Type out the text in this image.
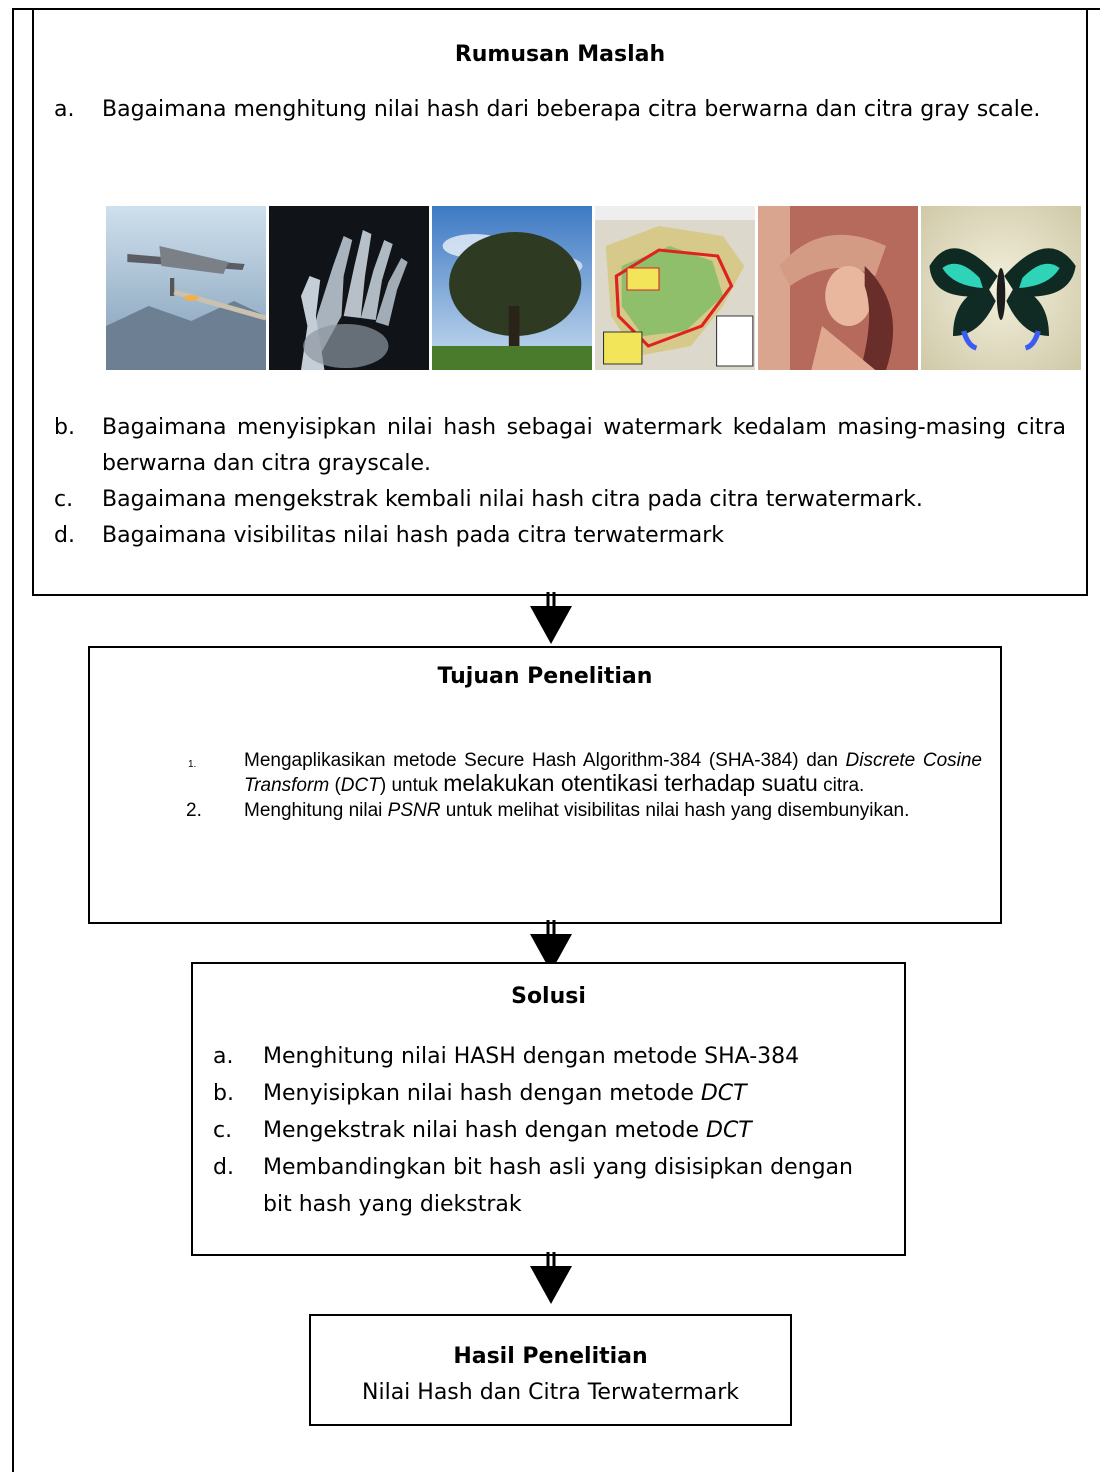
Rumusan Maslah
a. Bagaimana menghitung nilai hash dari beberapa citra berwarna dan citra gray scale.
b. Bagaimana menyisipkan nilai hash sebagai watermark kedalam masing-masing citra berwarna dan citra grayscale.
c. Bagaimana mengekstrak kembali nilai hash citra pada citra terwatermark.
d. Bagaimana visibilitas nilai hash pada citra terwatermark
Tujuan Penelitian
1.	Mengaplikasikan metode Secure Hash Algorithm-384 (SHA-384) dan Discrete Cosine Transform (DCT) untuk melakukan otentikasi terhadap suatu citra.
2. Menghitung nilai PSNR untuk melihat visibilitas nilai hash yang disembunyikan.
Solusi
a. Menghitung nilai HASH dengan metode SHA-384
b. Menyisipkan nilai hash dengan metode DCT
c. Mengekstrak nilai hash dengan metode DCT
d. Membandingkan bit hash asli yang disisipkan dengan bit hash yang diekstrak
Hasil Penelitian
Nilai Hash dan Citra Terwatermark
